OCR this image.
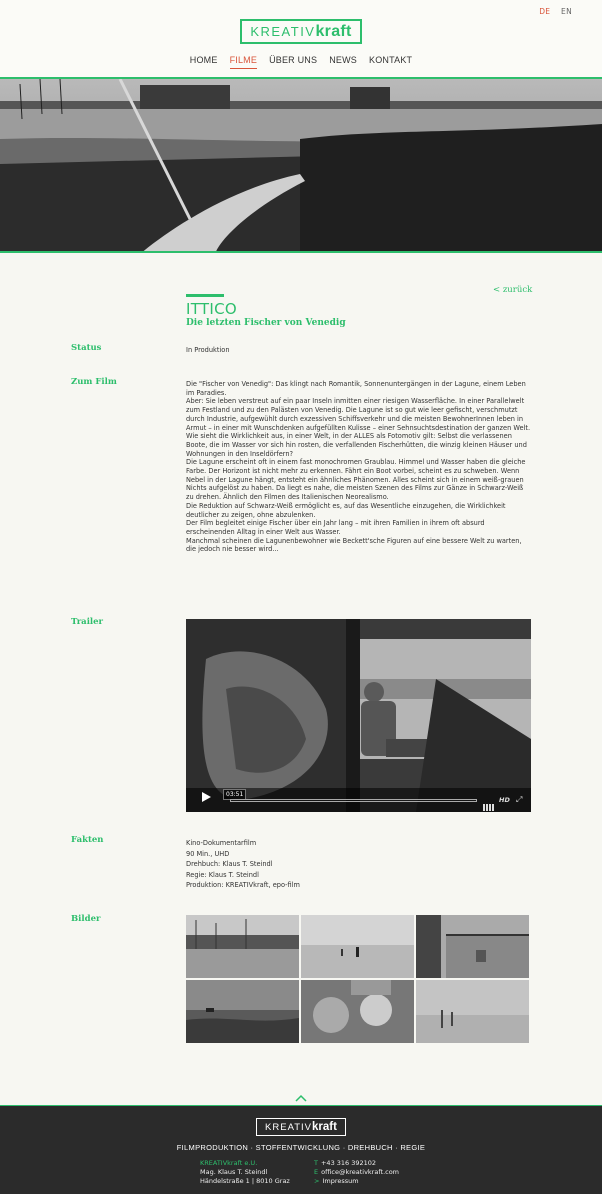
DE EN
KREATIV kraft
HOME FILME ÜBER UNS NEWS KONTAKT
< zurück
ITTICO
Die letzten Fischer von Venedig
Status	In Produktion
Zum Film	Die "Fischer von Venedig": Das klingt nach Romantik, Sonnenuntergängen in der Lagune, einem Leben im Paradies.

Aber: Sie leben verstreut auf ein paar Inseln inmitten einer riesigen Wasserfläche. In einer Parallelwelt zum Festland und zu den Palästen von Venedig. Die Lagune ist so gut wie leer gefischt, verschmutzt durch Industrie, aufgewühlt durch exzessiven Schiffsverkehr und die meisten BewohnerInnen leben in Armut – in einer mit Wunschdenken aufgefüllten Kulisse – einer Sehnsuchtsdestination der ganzen Welt.

Wie sieht die Wirklichkeit aus, in einer Welt, in der ALLES als Fotomotiv gilt: Selbst die verlassenen Boote, die im Wasser vor sich hin rosten, die verfallenden Fischerhütten, die winzig kleinen Häuser und Wohnungen in den Inseldörfern?

Die Lagune erscheint oft in einem fast monochromen Graublau. Himmel und Wasser haben die gleiche Farbe. Der Horizont ist nicht mehr zu erkennen. Fährt ein Boot vorbei, scheint es zu schweben. Wenn Nebel in der Lagune hängt, entsteht ein ähnliches Phänomen. Alles scheint sich in einem weiß-grauen Nichts aufgelöst zu haben. Da liegt es nahe, die meisten Szenen des Films zur Gänze in Schwarz-Weiß zu drehen. Ähnlich den Filmen des Italienischen Neorealismo.

Die Reduktion auf Schwarz-Weiß ermöglicht es, auf das Wesentliche einzugehen, die Wirklichkeit deutlicher zu zeigen, ohne abzulenken.

Der Film begleitet einige Fischer über ein Jahr lang – mit ihren Familien in ihrem oft absurd erscheinenden Alltag in einer Welt aus Wasser.

Manchmal scheinen die Lagunenbewohner wie Beckett'sche Figuren auf eine bessere Welt zu warten, die jedoch nie besser wird...

Trailer
03:51
HD ⤢
Fakten	Kino-Dokumentarfilm
90 Min., UHD
Drehbuch: Klaus T. Steindl
Regie: Klaus T. Steindl
Produktion: KREATIVkraft, epo-film
Bilder
KREATIV kraft
FILMPRODUKTION · STOFFENTWICKLUNG · DREHBUCH · REGIE
KREATIVkraft e.U.
Mag. Klaus T. Steindl
Händelstraße 1 | 8010 Graz
T +43 316 392102
E office@kreativkraft.com
> Impressum
